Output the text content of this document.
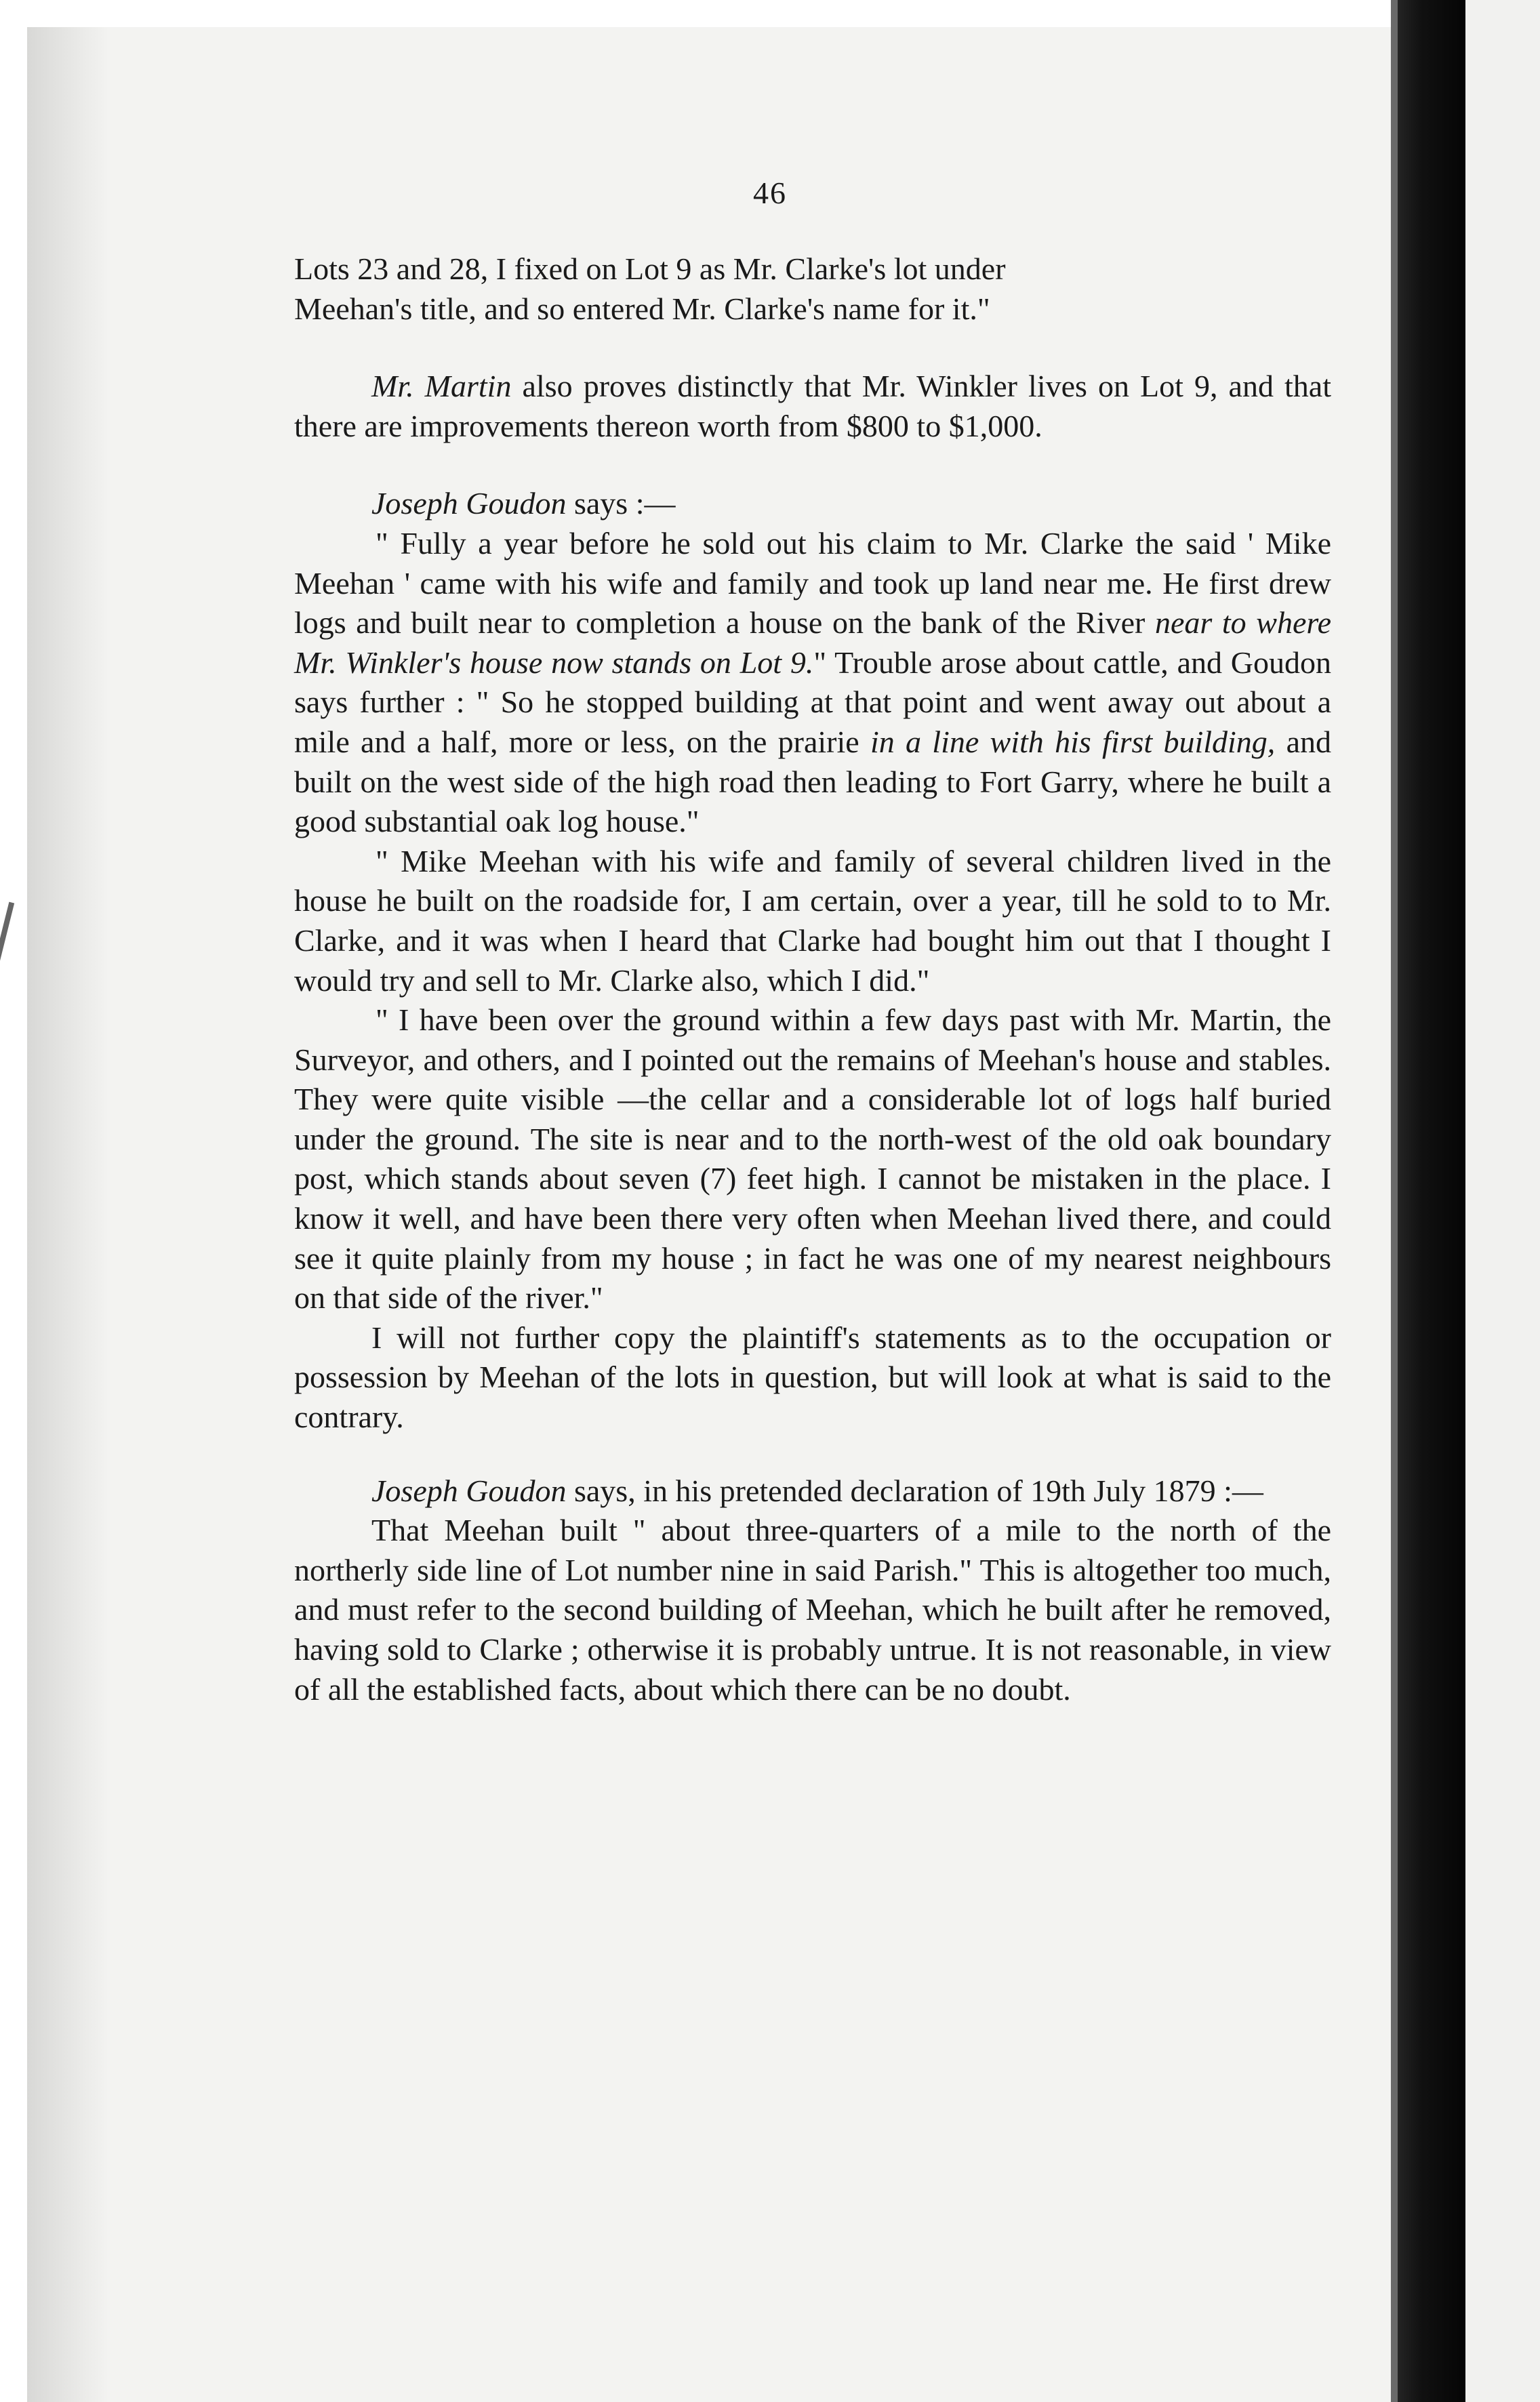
46

Lots 23 and 28, I fixed on Lot 9 as Mr. Clarke's lot under
Meehan's title, and so entered Mr. Clarke's name for it."

Mr. Martin also proves distinctly that Mr. Winkler lives on Lot 9, and that there are improvements thereon worth from $800 to $1,000.

Joseph Goudon says :—

" Fully a year before he sold out his claim to Mr. Clarke the said ' Mike Meehan ' came with his wife and family and took up land near me. He first drew logs and built near to completion a house on the bank of the River near to where Mr. Winkler's house now stands on Lot 9." Trouble arose about cattle, and Goudon says further : " So he stopped building at that point and went away out about a mile and a half, more or less, on the prairie in a line with his first building, and built on the west side of the high road then leading to Fort Garry, where he built a good substantial oak log house."

" Mike Meehan with his wife and family of several children lived in the house he built on the roadside for, I am certain, over a year, till he sold to to Mr. Clarke, and it was when I heard that Clarke had bought him out that I thought I would try and sell to Mr. Clarke also, which I did."

" I have been over the ground within a few days past with Mr. Martin, the Surveyor, and others, and I pointed out the remains of Meehan's house and stables. They were quite visible —the cellar and a considerable lot of logs half buried under the ground. The site is near and to the north-west of the old oak boundary post, which stands about seven (7) feet high. I cannot be mistaken in the place. I know it well, and have been there very often when Meehan lived there, and could see it quite plainly from my house ; in fact he was one of my nearest neighbours on that side of the river."

I will not further copy the plaintiff's statements as to the occupation or possession by Meehan of the lots in question, but will look at what is said to the contrary.

Joseph Goudon says, in his pretended declaration of 19th July 1879 :—

That Meehan built " about three-quarters of a mile to the north of the northerly side line of Lot number nine in said Parish." This is altogether too much, and must refer to the second building of Meehan, which he built after he removed, having sold to Clarke ; otherwise it is probably untrue. It is not reasonable, in view of all the established facts, about which there can be no doubt.
